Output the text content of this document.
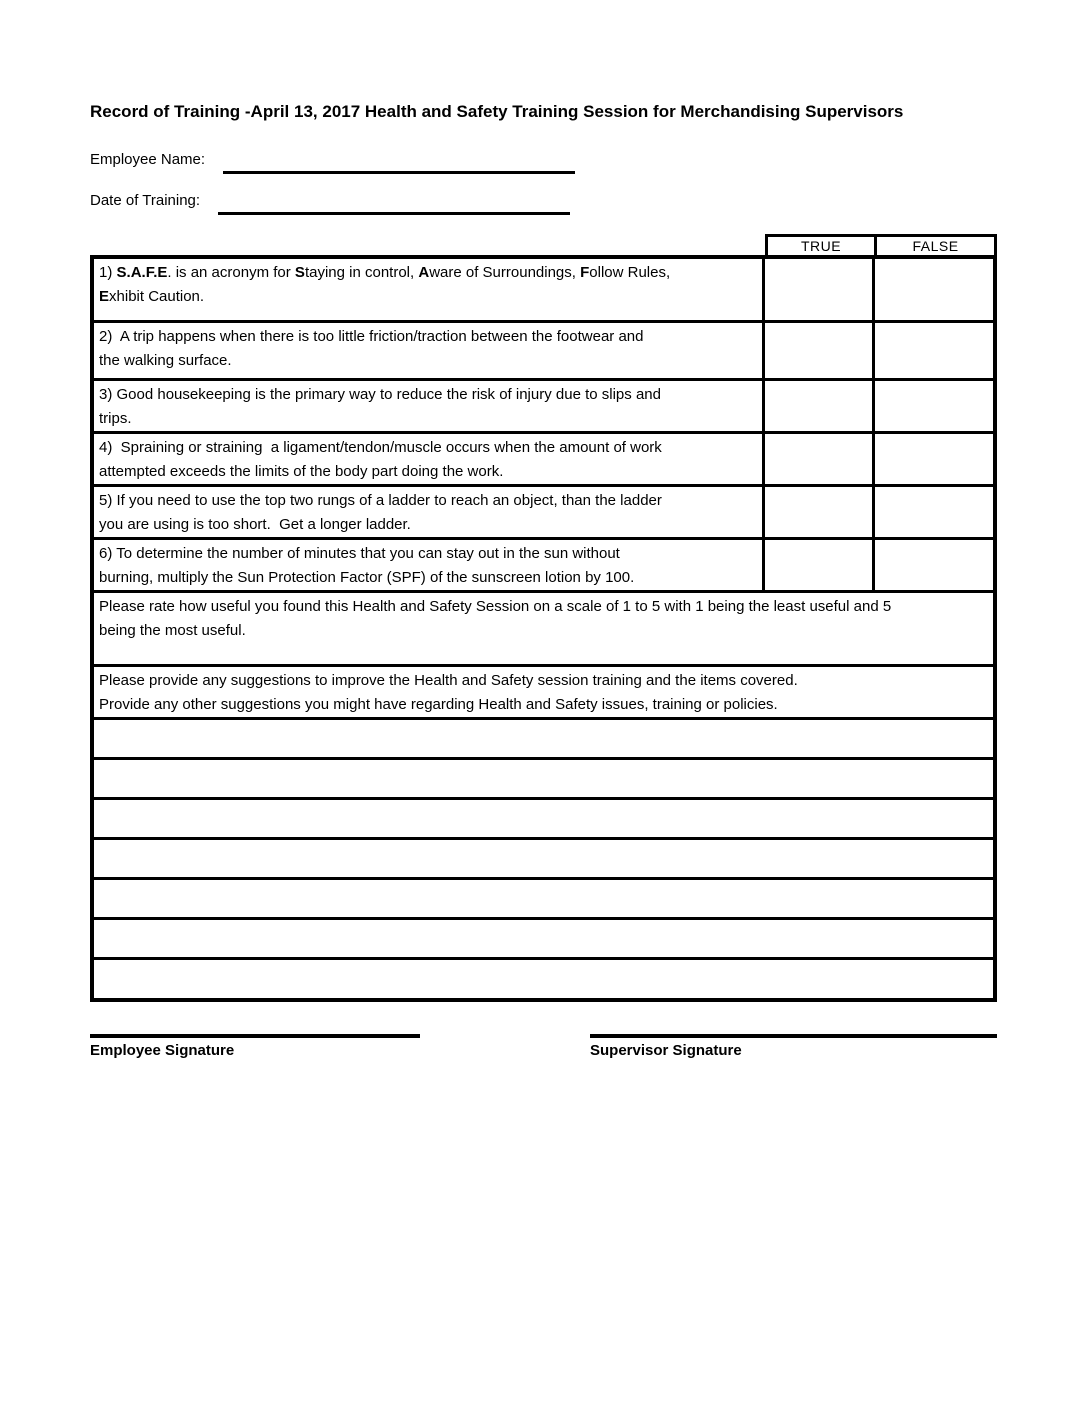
Record of Training -April 13, 2017 Health and Safety Training Session for Merchandising Supervisors
Employee Name:
Date of Training:
TRUE	FALSE
1) S.A.F.E. is an acronym for Staying in control, Aware of Surroundings, Follow Rules,
Exhibit Caution.
2)  A trip happens when there is too little friction/traction between the footwear and
the walking surface.
3) Good housekeeping is the primary way to reduce the risk of injury due to slips and
trips.
4)  Spraining or straining  a ligament/tendon/muscle occurs when the amount of work
attempted exceeds the limits of the body part doing the work.
5) If you need to use the top two rungs of a ladder to reach an object, than the ladder
you are using is too short.  Get a longer ladder.
6) To determine the number of minutes that you can stay out in the sun without
burning, multiply the Sun Protection Factor (SPF) of the sunscreen lotion by 100.
Please rate how useful you found this Health and Safety Session on a scale of 1 to 5 with 1 being the least useful and 5
being the most useful.

Please provide any suggestions to improve the Health and Safety session training and the items covered.
Provide any other suggestions you might have regarding Health and Safety issues, training or policies.
Employee Signature	Supervisor Signature
